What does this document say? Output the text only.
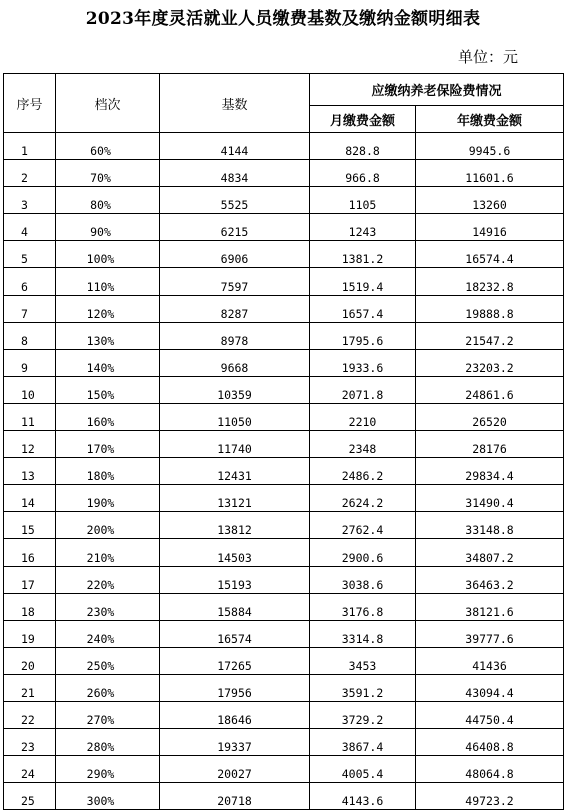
2023年度灵活就业人员缴费基数及缴纳金额明细表
单位：元
序号	档次	基数	应缴纳养老保险费情况	
			月缴费金额	年缴费金额
1	60%	4144	828.8	9945.6
2	70%	4834	966.8	11601.6
3	80%	5525	1105	13260
4	90%	6215	1243	14916
5	100%	6906	1381.2	16574.4
6	110%	7597	1519.4	18232.8
7	120%	8287	1657.4	19888.8
8	130%	8978	1795.6	21547.2
9	140%	9668	1933.6	23203.2
10	150%	10359	2071.8	24861.6
11	160%	11050	2210	26520
12	170%	11740	2348	28176
13	180%	12431	2486.2	29834.4
14	190%	13121	2624.2	31490.4
15	200%	13812	2762.4	33148.8
16	210%	14503	2900.6	34807.2
17	220%	15193	3038.6	36463.2
18	230%	15884	3176.8	38121.6
19	240%	16574	3314.8	39777.6
20	250%	17265	3453	41436
21	260%	17956	3591.2	43094.4
22	270%	18646	3729.2	44750.4
23	280%	19337	3867.4	46408.8
24	290%	20027	4005.4	48064.8
25	300%	20718	4143.6	49723.2
